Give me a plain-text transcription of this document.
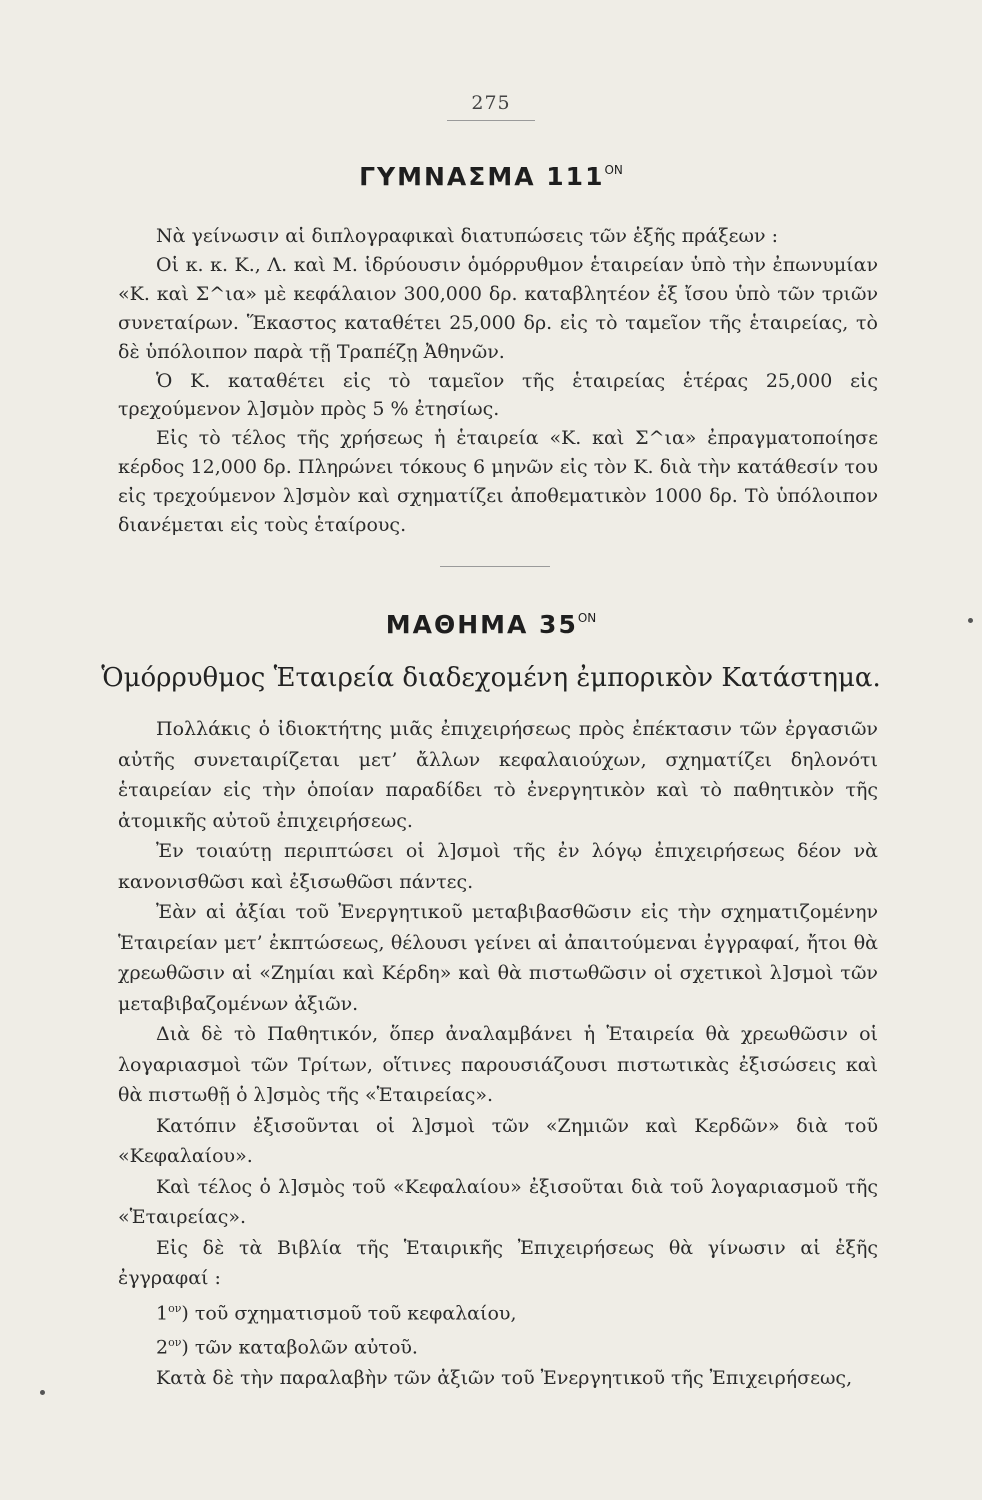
275
ΓΥΜΝΑΣΜΑ $111^{ON}$

Νὰ γείνωσιν αἱ διπλογραφικαὶ διατυπώσεις τῶν ἑξῆς πράξεων :

Οἱ κ. κ. Κ., Λ. καὶ Μ. ἱδρύουσιν ὁμόρρυθμον ἑταιρείαν ὑπὸ τὴν ἐπωνυμίαν «Κ. καὶ Σ^ια» μὲ κεφάλαιον 300,000 δρ. καταβλητέον ἐξ ἴσου ὑπὸ τῶν τριῶν συνεταίρων. Ἕκαστος καταθέτει 25,000 δρ. εἰς τὸ ταμεῖον τῆς ἑταιρείας, τὸ δὲ ὑπόλοιπον παρὰ τῇ Τραπέζῃ Ἀθηνῶν.

Ὁ Κ. καταθέτει εἰς τὸ ταμεῖον τῆς ἑταιρείας ἑτέρας 25,000 εἰς τρεχούμενον λ]σμὸν πρὸς 5 % ἐτησίως.

Εἰς τὸ τέλος τῆς χρήσεως ἡ ἑταιρεία «Κ. καὶ Σ^ια» ἐπραγματοποίησε κέρδος 12,000 δρ. Πληρώνει τόκους 6 μηνῶν εἰς τὸν Κ. διὰ τὴν κατάθεσίν του εἰς τρεχούμενον λ]σμὸν καὶ σχηματίζει ἀποθεματικὸν 1000 δρ. Τὸ ὑπόλοιπον διανέμεται εἰς τοὺς ἑταίρους.

ΜΑΘΗΜΑ $35^{ON}$
Ὁμόρρυθμος Ἑταιρεία διαδεχομένη ἐμπορικὸν Κατάστημα.

Πολλάκις ὁ ἰδιοκτήτης μιᾶς ἐπιχειρήσεως πρὸς ἐπέκτασιν τῶν ἐργασιῶν αὐτῆς συνεταιρίζεται μετ’ ἄλλων κεφαλαιούχων, σχηματίζει δηλονότι ἑταιρείαν εἰς τὴν ὁποίαν παραδίδει τὸ ἐνεργητικὸν καὶ τὸ παθητικὸν τῆς ἀτομικῆς αὐτοῦ ἐπιχειρήσεως.

Ἐν τοιαύτῃ περιπτώσει οἱ λ]σμοὶ τῆς ἐν λόγῳ ἐπιχειρήσεως δέον νὰ κανονισθῶσι καὶ ἐξισωθῶσι πάντες.

Ἐὰν αἱ ἀξίαι τοῦ Ἐνεργητικοῦ μεταβιβασθῶσιν εἰς τὴν σχηματιζομένην Ἑταιρείαν μετ’ ἐκπτώσεως, θέλουσι γείνει αἱ ἀπαιτούμεναι ἐγγραφαί, ἤτοι θὰ χρεωθῶσιν αἱ «Ζημίαι καὶ Κέρδη» καὶ θὰ πιστωθῶσιν οἱ σχετικοὶ λ]σμοὶ τῶν μεταβιβαζομένων ἀξιῶν.

Διὰ δὲ τὸ Παθητικόν, ὅπερ ἀναλαμβάνει ἡ Ἑταιρεία θὰ χρεωθῶσιν οἱ λογαριασμοὶ τῶν Τρίτων, οἵτινες παρουσιάζουσι πιστωτικὰς ἐξισώσεις καὶ θὰ πιστωθῇ ὁ λ]σμὸς τῆς «Ἑταιρείας».

Κατόπιν ἐξισοῦνται οἱ λ]σμοὶ τῶν «Ζημιῶν καὶ Κερδῶν» διὰ τοῦ «Κεφαλαίου».

Καὶ τέλος ὁ λ]σμὸς τοῦ «Κεφαλαίου» ἐξισοῦται διὰ τοῦ λογαριασμοῦ τῆς «Ἑταιρείας».

Εἰς δὲ τὰ Βιβλία τῆς Ἑταιρικῆς Ἐπιχειρήσεως θὰ γίνωσιν αἱ ἑξῆς ἐγγραφαί :

$1^{o\nu}$) τοῦ σχηματισμοῦ τοῦ κεφαλαίου,

$2^{o\nu}$) τῶν καταβολῶν αὐτοῦ.

Κατὰ δὲ τὴν παραλαβὴν τῶν ἀξιῶν τοῦ Ἐνεργητικοῦ τῆς Ἐπιχειρήσεως,
